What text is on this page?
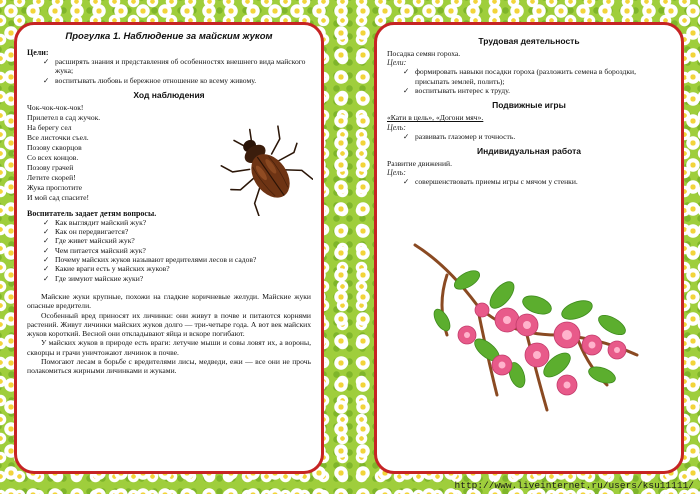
Прогулка 1. Наблюдение за майским жуком

Цели:

✓ расширять знания и представления об особенностях внешнего вида майского жука;
✓ воспитывать любовь и бережное отношение ко всему живому.

Ход наблюдения

Чок-чок-чок-чок!
Прилетел в сад жучок.
На берегу сел
Все листочки съел.
Позову скворцов
Со всех концов.
Позову грачей
Летите скорей!
Жука проглотите
И мой сад спасите!

Воспитатель задает детям вопросы.

✓ Как выглядит майский жук?
✓ Как он передвигается?
✓ Где живет майский жук?
✓ Чем питается майский жук?
✓ Почему майских жуков называют вредителями лесов и садов?
✓ Какие враги есть у майских жуков?
✓ Где зимуют майские жуки?

Майские жуки крупные, похожи на гладкие коричневые желуди. Майские жуки опасные вредители.

Особенный вред приносят их личинки: они живут в почве и питаются корнями растений. Живут личинки майских жуков долго — три-четыре года. А вот век майских жуков короткий. Весной они откладывают яйца и вскоре погибают.

У майских жуков в природе есть враги: летучие мыши и совы ловят их, а вороны, скворцы и грачи уничтожают личинок в почве.

Помогают лесам в борьбе с вредителями лисы, медведи, ежи — все они не прочь полакомиться жирными личинками и жуками.

Трудовая деятельность

Посадка семян гороха.

Цели:

✓ формировать навыки посадки гороха (разложить семена в бороздки, присыпать землей, полить);
✓ воспитывать интерес к труду.

Подвижные игры

«Кати в цель», «Догони мяч».

Цель:

✓ развивать глазомер и точность.

Индивидуальная работа

Развитие движений.

Цель:

✓ совершенствовать приемы игры с мячом у стенки.
http://www.liveinternet.ru/users/ksu11111/
